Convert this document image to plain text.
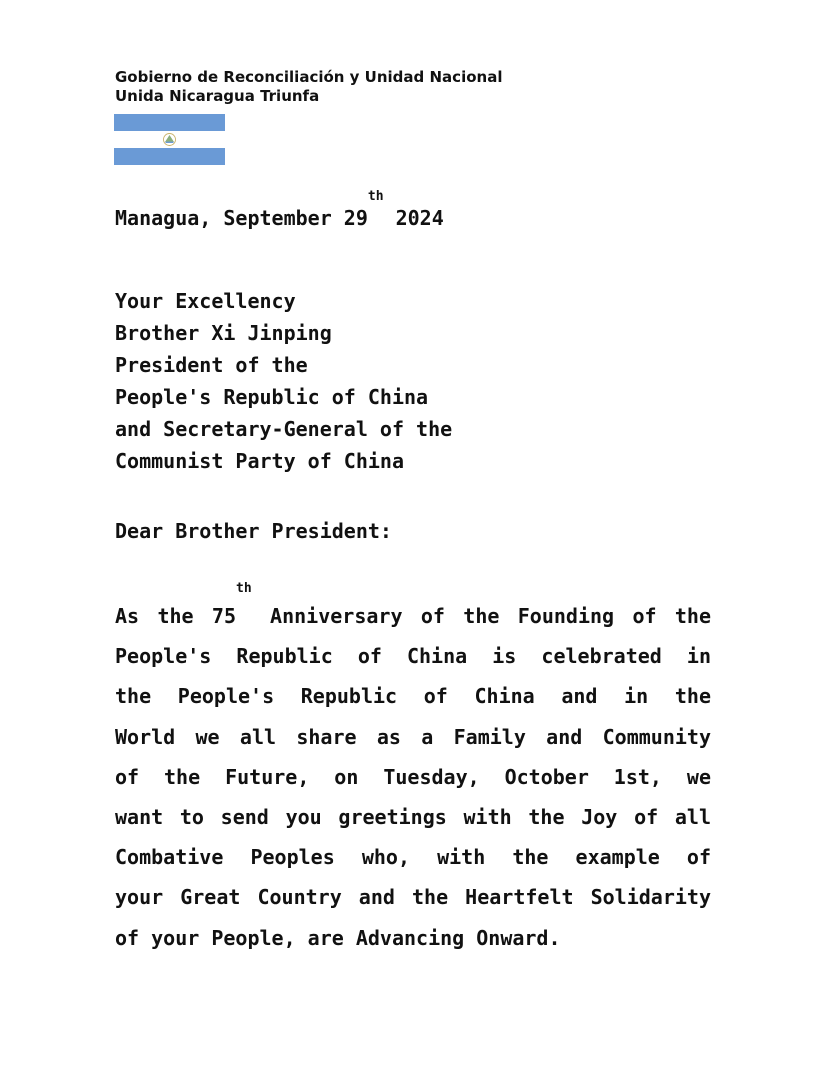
Gobierno de Reconciliación y Unidad Nacional
Unida Nicaragua Triunfa
Managua, September 29th 2024
Your Excellency
Brother Xi Jinping
President of the
People's Republic of China
and Secretary-General of the
Communist Party of China
Dear Brother President:
As the 75th Anniversary of the Founding of the
People's Republic of China is celebrated in
the People's Republic of China and in the
World we all share as a Family and Community
of the Future, on Tuesday, October 1st, we
want to send you greetings with the Joy of all
Combative Peoples who, with the example of
your Great Country and the Heartfelt Solidarity
of your People, are Advancing Onward.
